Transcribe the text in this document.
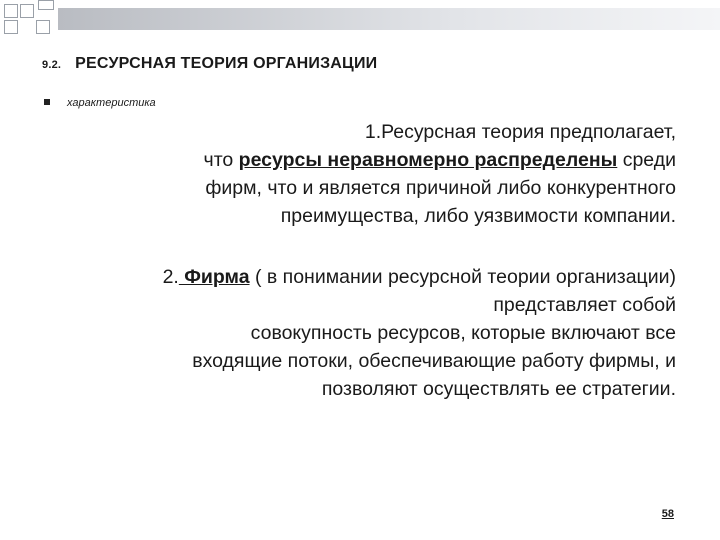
9.2. РЕСУРСНАЯ ТЕОРИЯ ОРГАНИЗАЦИИ
характеристика
1.Ресурсная теория предполагает,
что ресурсы неравномерно распределены среди
фирм, что и является причиной либо конкурентного
преимущества, либо уязвимости компании.
2. Фирма ( в понимании ресурсной теории организации)
представляет собой
совокупность ресурсов, которые включают все
входящие потоки, обеспечивающие работу фирмы, и
позволяют осуществлять ее стратегии.
58
